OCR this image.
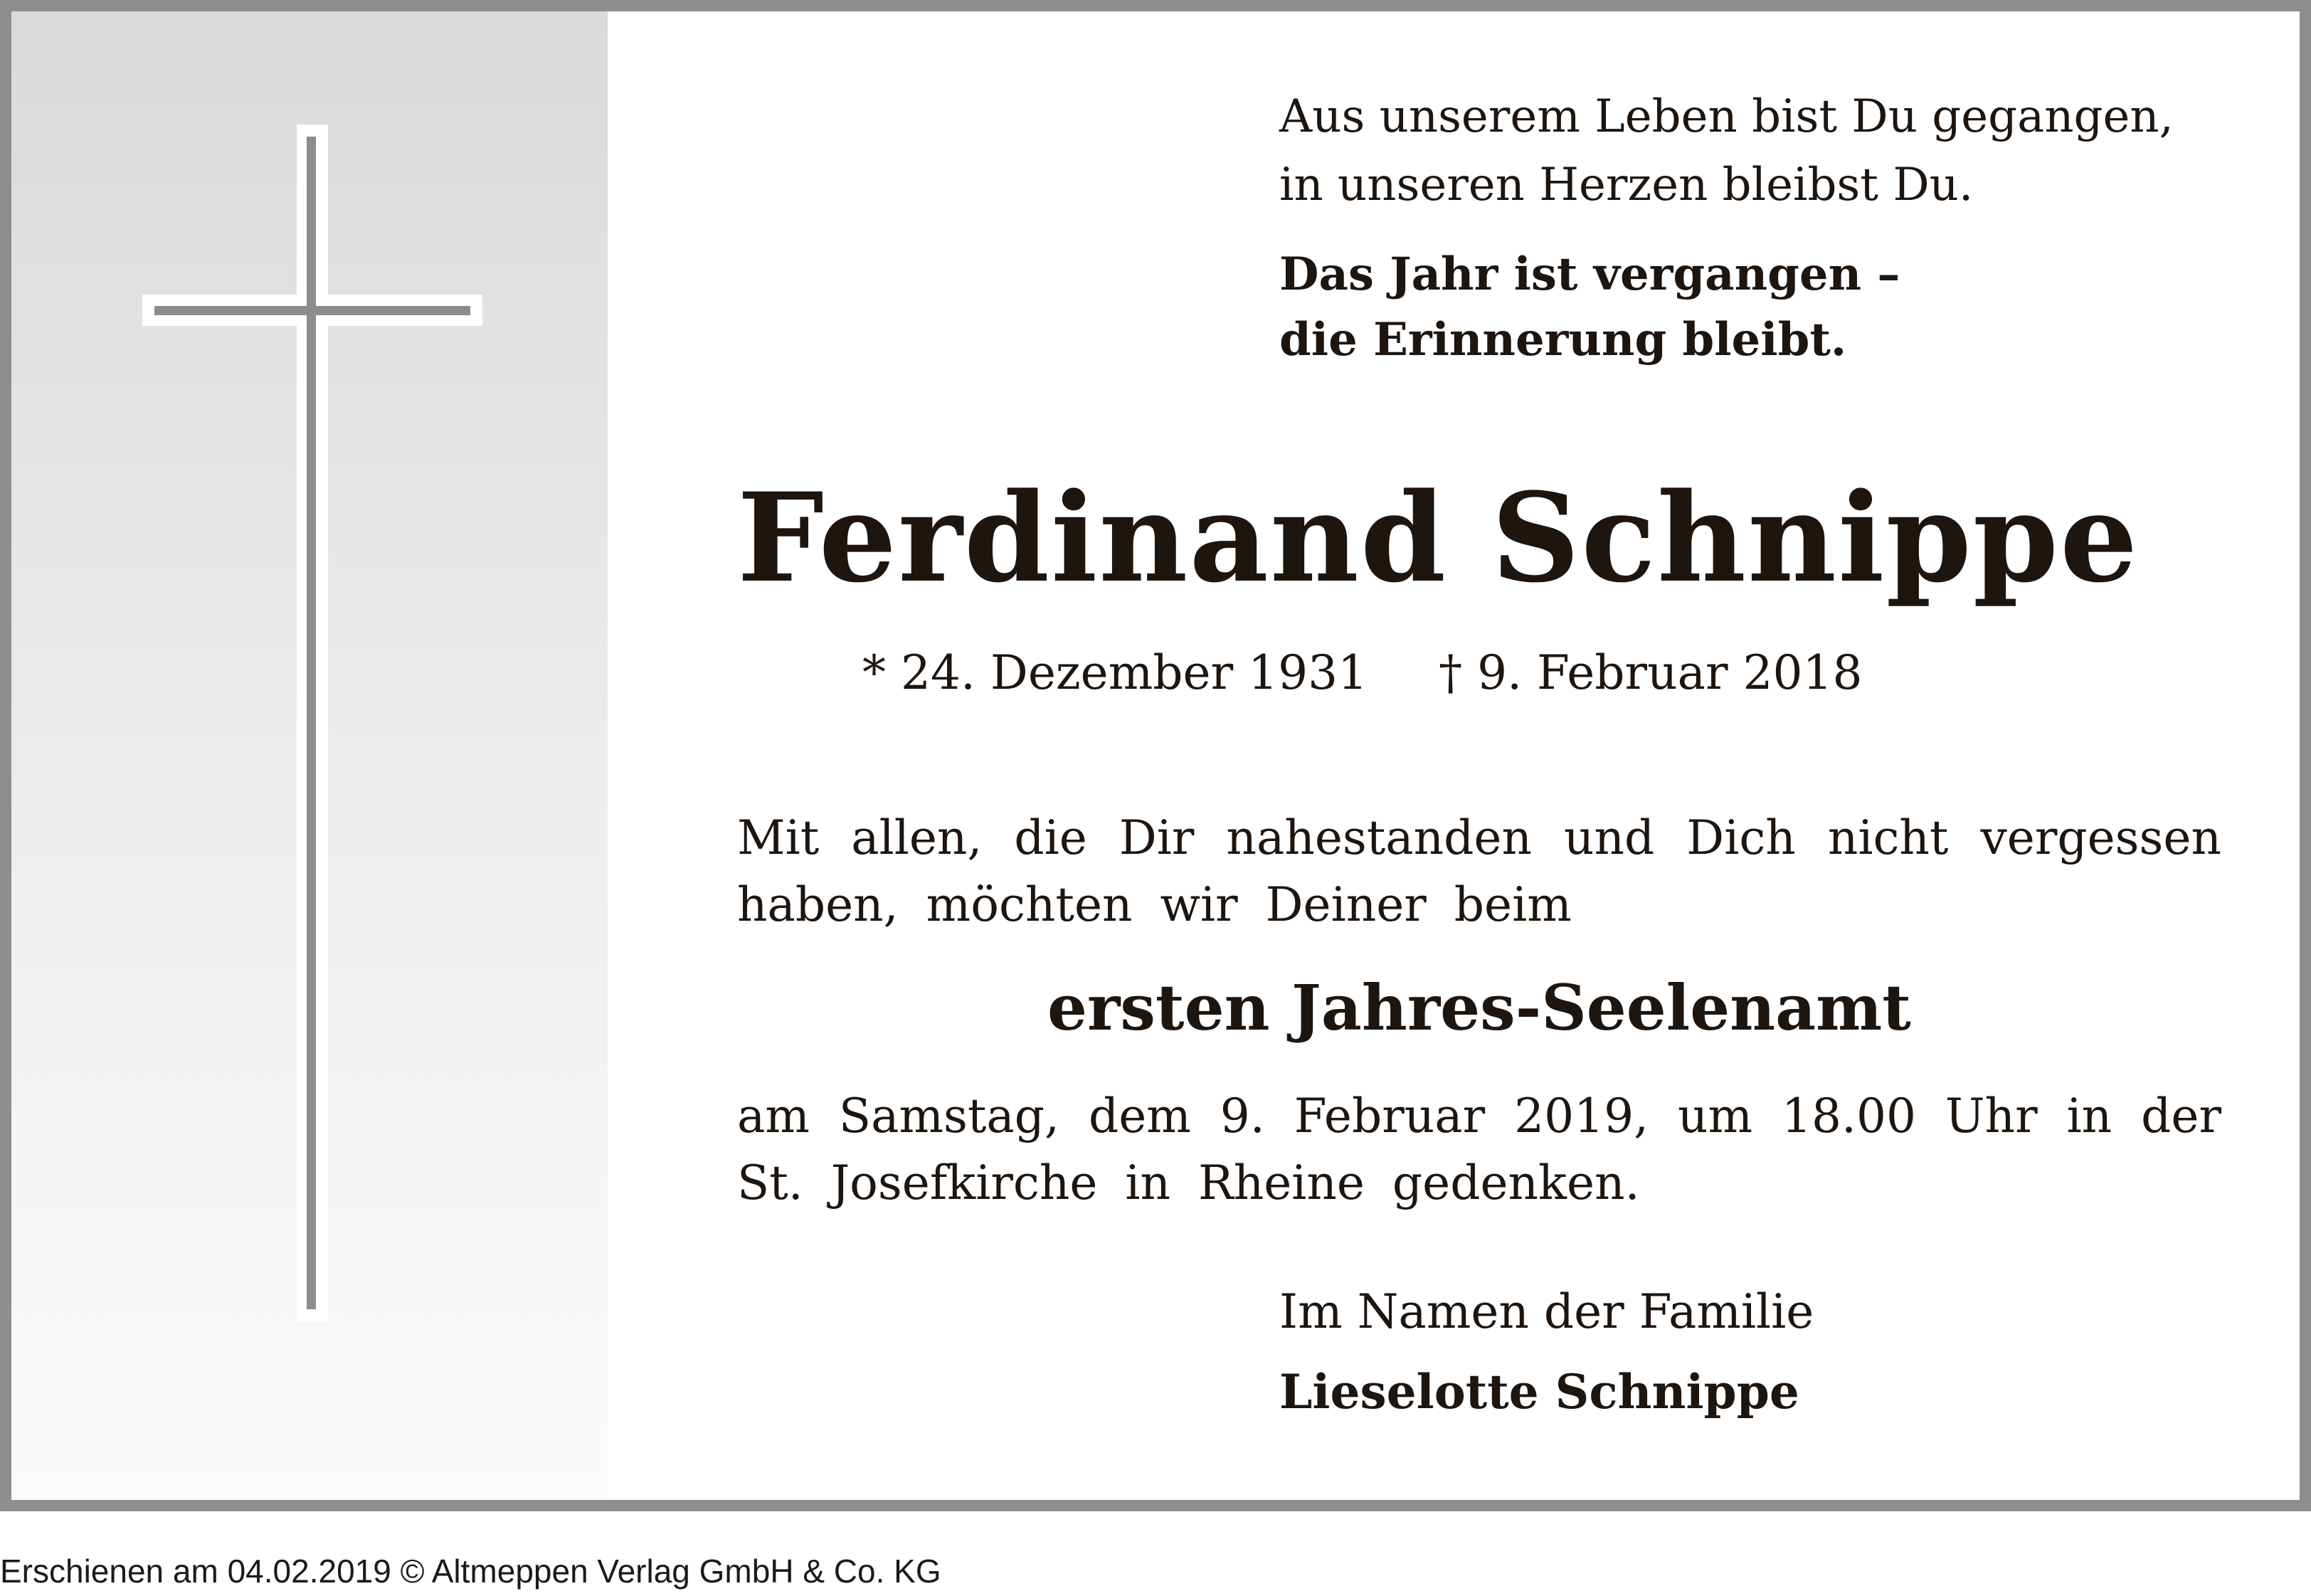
Aus unserem Leben bist Du gegangen,
in unseren Herzen bleibst Du.

Das Jahr ist vergangen –
die Erinnerung bleibt.

Ferdinand Schnippe

* 24. Dezember 1931 † 9. Februar 2018

Mit allen, die Dir nahestanden und Dich nicht vergessen haben, möchten wir Deiner beim

ersten Jahres-Seelenamt

am Samstag, dem 9. Februar 2019, um 18.00 Uhr in der St. Josefkirche in Rheine gedenken.

Im Namen der Familie

Lieselotte Schnippe

Erschienen am 04.02.2019 © Altmeppen Verlag GmbH & Co. KG
